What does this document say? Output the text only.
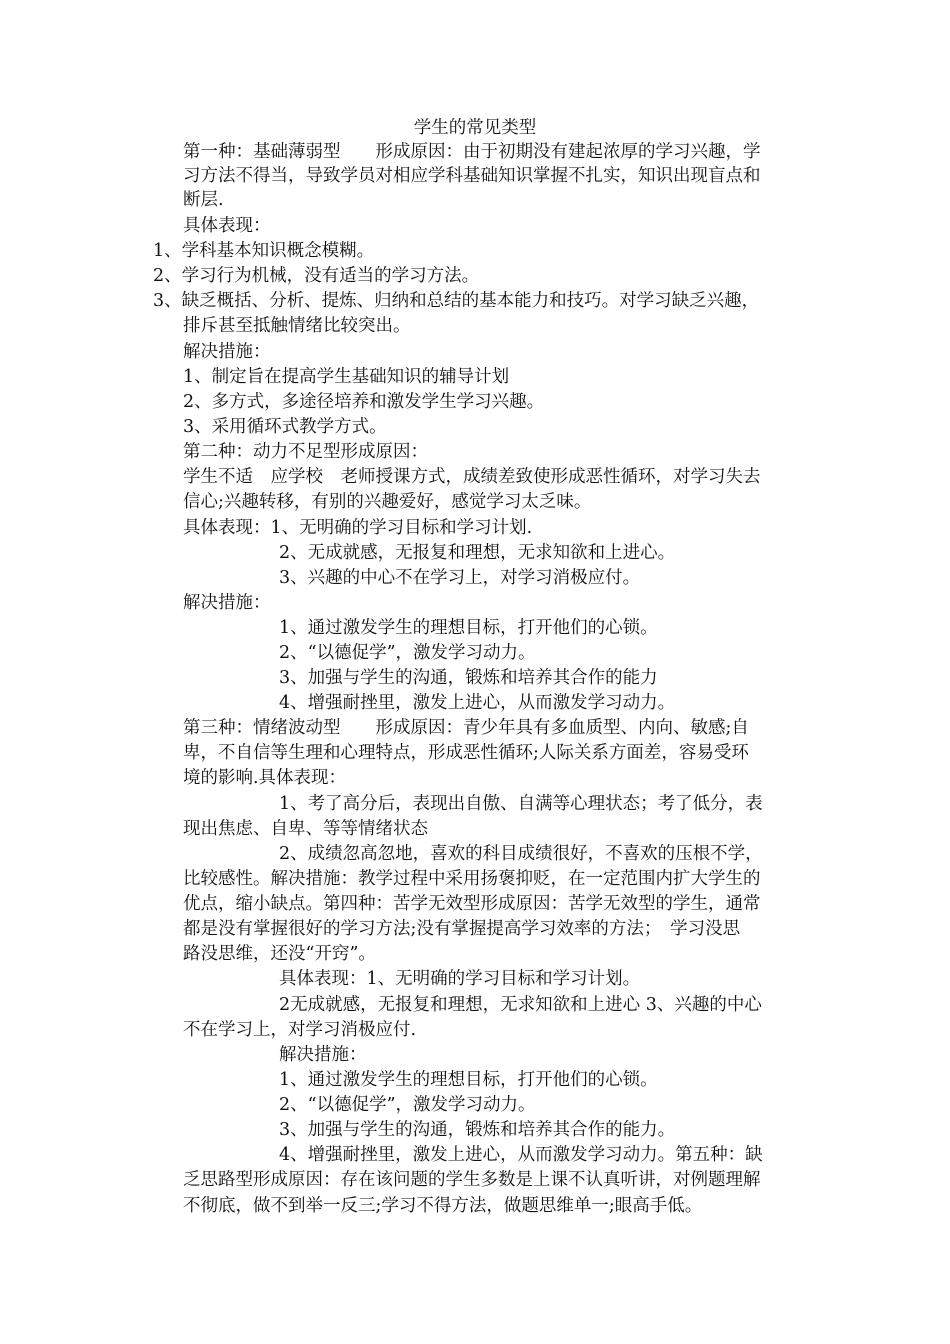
学生的常见类型
第一种：基础薄弱型　　形成原因：由于初期没有建起浓厚的学习兴趣，学
习方法不得当，导致学员对相应学科基础知识掌握不扎实，知识出现盲点和
断层.
具体表现：
1、学科基本知识概念模糊。
2、学习行为机械，没有适当的学习方法。
3、缺乏概括、分析、提炼、归纳和总结的基本能力和技巧。对学习缺乏兴趣，
排斥甚至抵触情绪比较突出。
解决措施：
1、制定旨在提高学生基础知识的辅导计划
2、多方式，多途径培养和激发学生学习兴趣。
3、采用循环式教学方式。
第二种：动力不足型形成原因：
学生不适　应学校　老师授课方式，成绩差致使形成恶性循环，对学习失去
信心;兴趣转移，有别的兴趣爱好，感觉学习太乏味。
具体表现：1、无明确的学习目标和学习计划.
2、无成就感，无报复和理想，无求知欲和上进心。
3、兴趣的中心不在学习上，对学习消极应付。
解决措施：
1、通过激发学生的理想目标，打开他们的心锁。
2、“以德促学”，激发学习动力。
3、加强与学生的沟通，锻炼和培养其合作的能力
4、增强耐挫里，激发上进心，从而激发学习动力。
第三种：情绪波动型　　形成原因：青少年具有多血质型、内向、敏感;自
卑，不自信等生理和心理特点，形成恶性循环;人际关系方面差，容易受环
境的影响.具体表现：
1、考了高分后，表现出自傲、自满等心理状态；考了低分，表
现出焦虑、自卑、等等情绪状态
2、成绩忽高忽地，喜欢的科目成绩很好，不喜欢的压根不学，
比较感性。解决措施：教学过程中采用扬褒抑贬，在一定范围内扩大学生的
优点，缩小缺点。第四种：苦学无效型形成原因：苦学无效型的学生，通常
都是没有掌握很好的学习方法;没有掌握提高学习效率的方法；　学习没思
路没思维，还没“开窍”。
具体表现：1、无明确的学习目标和学习计划。
2无成就感，无报复和理想，无求知欲和上进心 3、兴趣的中心
不在学习上，对学习消极应付.
解决措施：
1、通过激发学生的理想目标，打开他们的心锁。
2、“以德促学”，激发学习动力。
3、加强与学生的沟通，锻炼和培养其合作的能力。
4、增强耐挫里，激发上进心，从而激发学习动力。第五种：缺
乏思路型形成原因：存在该问题的学生多数是上课不认真听讲，对例题理解
不彻底，做不到举一反三;学习不得方法，做题思维单一;眼高手低。
